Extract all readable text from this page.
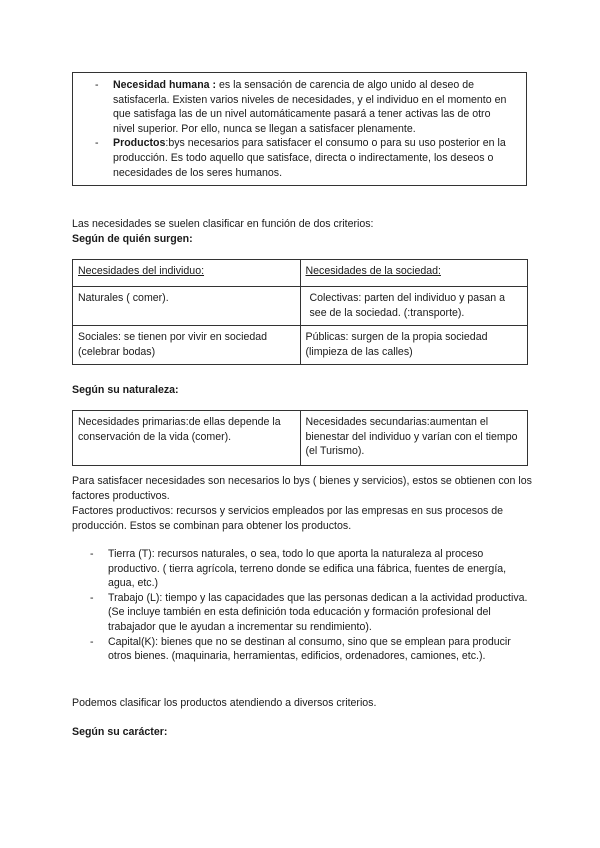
- Necesidad humana : es la sensación de carencia de algo unido al deseo de satisfacerla. Existen varios niveles de necesidades, y el individuo en el momento en que satisfaga las de un nivel automáticamente pasará a tener activas las de otro nivel superior. Por ello, nunca se llegan a satisfacer plenamente.
- Productos:bys necesarios para satisfacer el consumo o para su uso posterior en la producción. Es todo aquello que satisface, directa o indirectamente, los deseos o necesidades de los seres humanos.
Las necesidades se suelen clasificar en función de dos criterios:
Según de quién surgen:
Necesidades del individuo:	Necesidades de la sociedad:
Naturales ( comer).	Colectivas: parten del individuo y pasan a see de la sociedad. (:transporte).
Sociales: se tienen por vivir en sociedad (celebrar bodas)	Públicas: surgen de la propia sociedad (limpieza de las calles)
Según su naturaleza:
Necesidades primarias:de ellas depende la conservación de la vida (comer).	Necesidades secundarias:aumentan el bienestar del individuo y varían con el tiempo (el Turismo).
Para satisfacer necesidades son necesarios lo bys ( bienes y servicios), estos se obtienen con los factores productivos.
Factores productivos: recursos y servicios empleados por las empresas en sus procesos de producción. Estos se combinan para obtener los productos.
- Tierra (T): recursos naturales, o sea, todo lo que aporta la naturaleza al proceso productivo. ( tierra agrícola, terreno donde se edifica una fábrica, fuentes de energía, agua, etc.)
- Trabajo (L): tiempo y las capacidades que las personas dedican a la actividad productiva. (Se incluye también en esta definición toda educación y formación profesional del trabajador que le ayudan a incrementar su rendimiento).
- Capital(K): bienes que no se destinan al consumo, sino que se emplean para producir otros bienes. (maquinaria, herramientas, edificios, ordenadores, camiones, etc.).
Podemos clasificar los productos atendiendo a diversos criterios.
Según su carácter:
